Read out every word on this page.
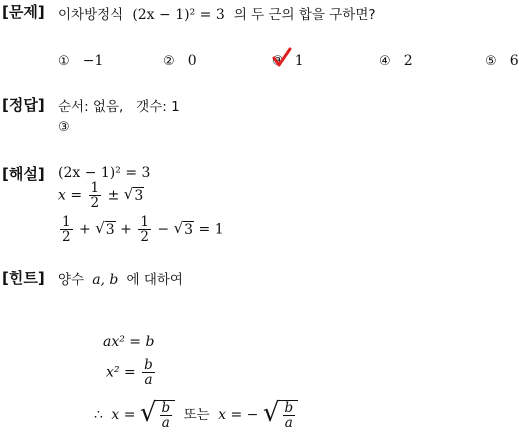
[문제]
[정답]
[해설]
[힌트]
이차방정식 (2x − 1)² = 3 의 두 근의 합을 구하면?
① −1	② 0	③ 1	④ 2	⑤ 6
순서: 없음,   갯수: 1
③
(2x − 1)² = 3
$x = \frac{1}{2}$ ± √ 3
$\frac{1}{2}$ + √ $3 + \frac{1}{2}$ − √ 3 = 1
양수 a, b 에 대하여
ax² = b
$x^2 = \frac{b}{a}$
∴ x = √ $\frac{b}{a}$ 또는 x = − √ $\frac{b}{a}$
